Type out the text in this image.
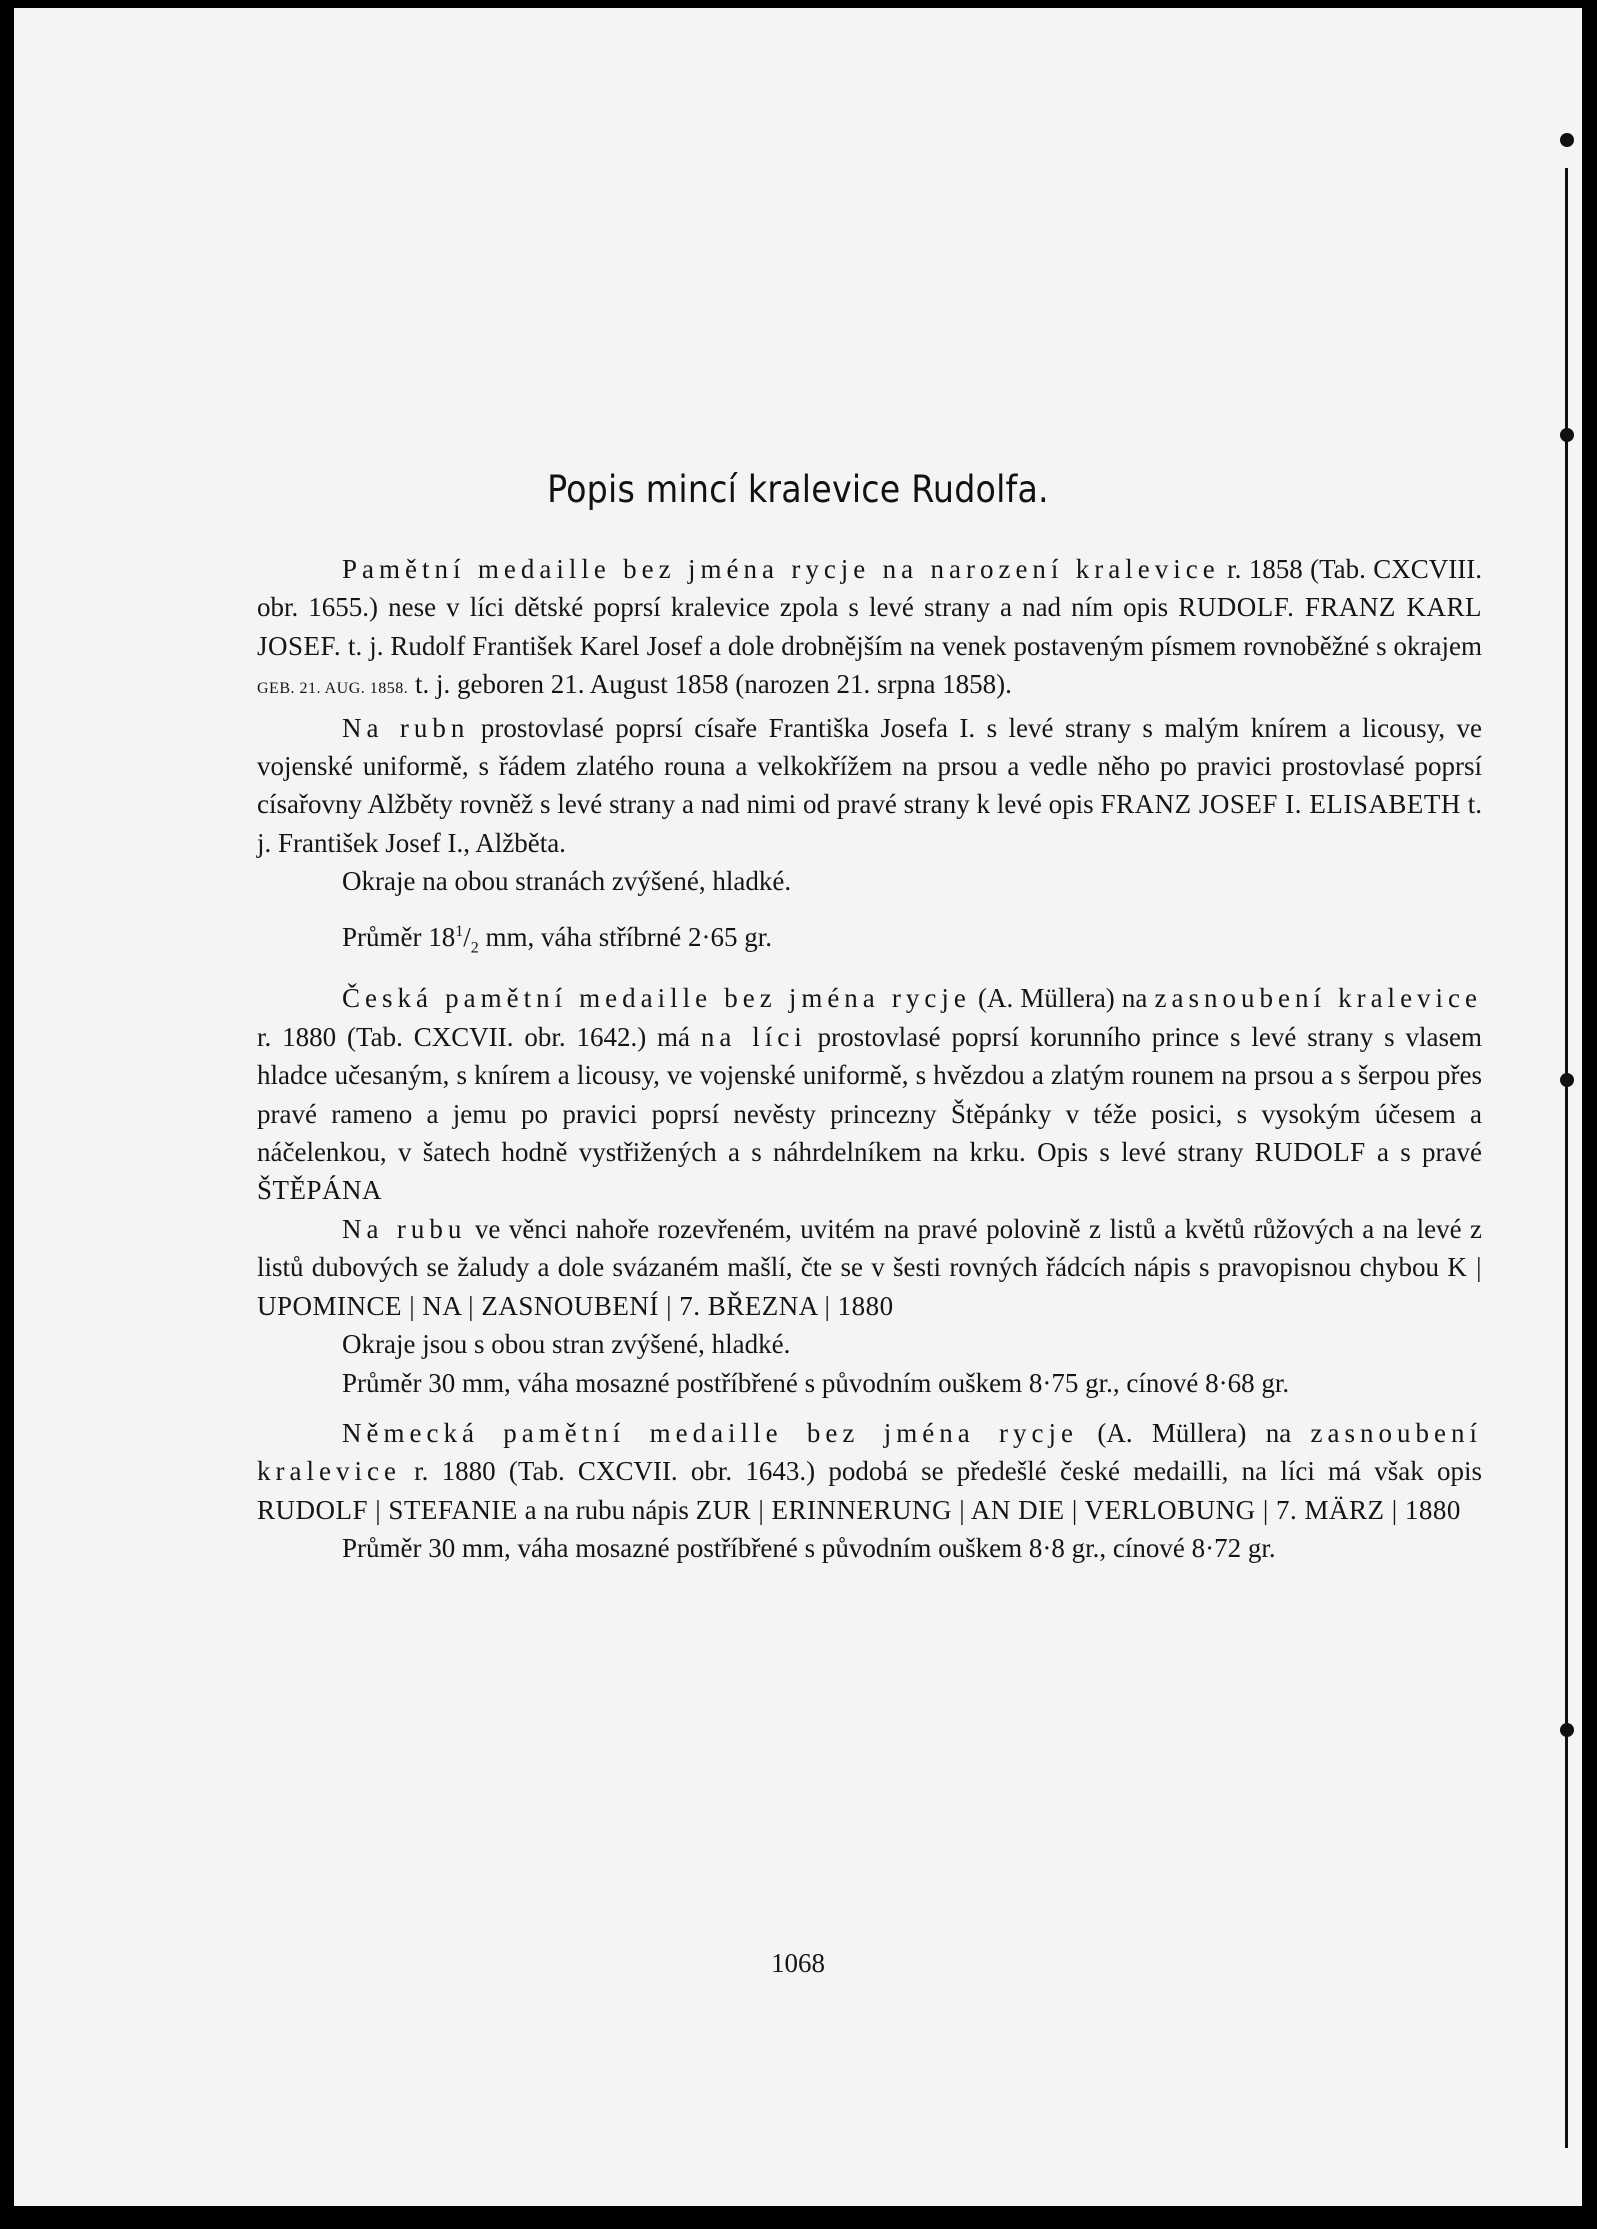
Popis mincí kralevice Rudolfa.

Pamětní medaille bez jména rycje na narození kralevice r. 1858 (Tab. CXCVIII. obr. 1655.) nese v líci dětské poprsí kralevice zpola s levé strany a nad ním opis RUDOLF. FRANZ KARL JOSEF. t. j. Rudolf František Karel Josef a dole drobnějším na venek postaveným písmem rovnoběžné s okrajem GEB. 21. AUG. 1858. t. j. geboren 21. August 1858 (narozen 21. srpna 1858).

Na rubn prostovlasé poprsí císaře Františka Josefa I. s levé strany s malým knírem a licousy, ve vojenské uniformě, s řádem zlatého rouna a velkokřížem na prsou a vedle něho po pravici prostovlasé poprsí císařovny Alžběty rovněž s levé strany a nad nimi od pravé strany k levé opis FRANZ JOSEF I. ELISABETH t. j. František Josef I., Alžběta.

Okraje na obou stranách zvýšené, hladké.

Průměr $18^1/_2$ mm, váha stříbrné 2·65 gr.

Česká pamětní medaille bez jména rycje (A. Müllera) na zasnoubení kralevice r. 1880 (Tab. CXCVII. obr. 1642.) má na líci prostovlasé poprsí korunního prince s levé strany s vlasem hladce učesaným, s knírem a licousy, ve vojenské uniformě, s hvězdou a zlatým rounem na prsou a s šerpou přes pravé rameno a jemu po pravici poprsí nevěsty princezny Štěpánky v téže posici, s vysokým účesem a náčelenkou, v šatech hodně vystřižených a s náhrdelníkem na krku. Opis s levé strany RUDOLF a s pravé ŠTĚPÁNA

Na rubu ve věnci nahoře rozevřeném, uvitém na pravé polovině z listů a květů růžových a na levé z listů dubových se žaludy a dole svázaném mašlí, čte se v šesti rovných řádcích nápis s pravopisnou chybou K | UPOMINCE | NA | ZASNOUBENÍ | 7. BŘEZNA | 1880

Okraje jsou s obou stran zvýšené, hladké.

Průměr 30 mm, váha mosazné postříbřené s původním ouškem 8·75 gr., cínové 8·68 gr.

Německá pamětní medaille bez jména rycje (A. Müllera) na zasnoubení kralevice r. 1880 (Tab. CXCVII. obr. 1643.) podobá se předešlé české medailli, na líci má však opis RUDOLF | STEFANIE a na rubu nápis ZUR | ERINNERUNG | AN DIE | VERLOBUNG | 7. MÄRZ | 1880

Průměr 30 mm, váha mosazné postříbřené s původním ouškem 8·8 gr., cínové 8·72 gr.

1068
